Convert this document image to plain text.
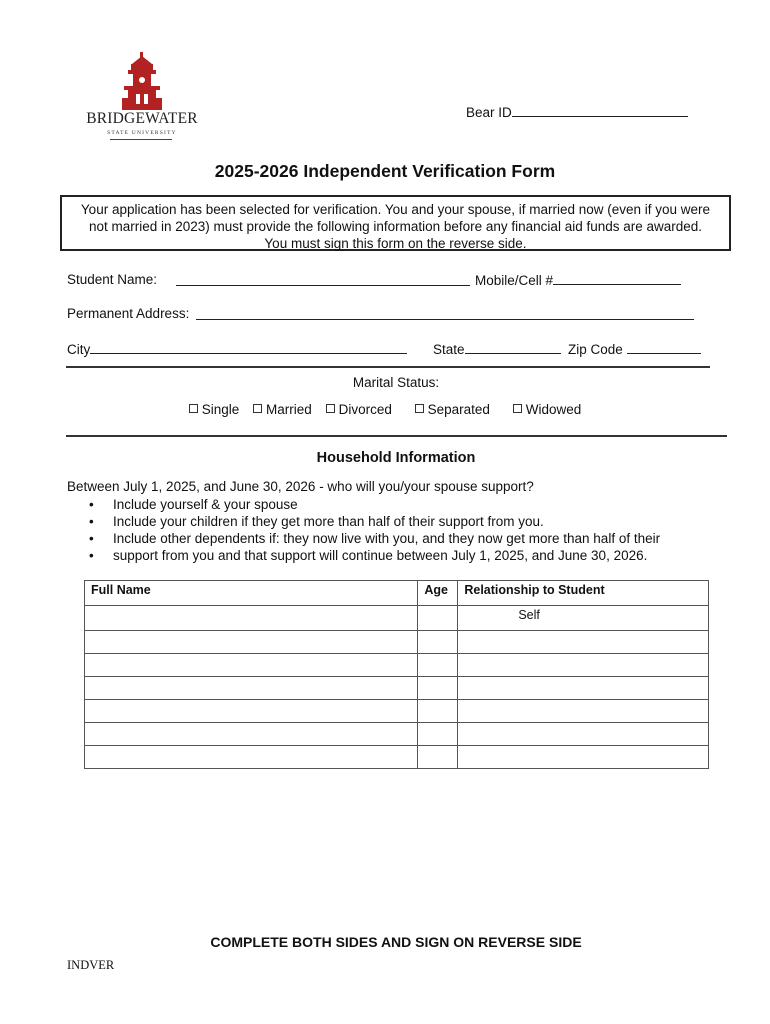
BRIDGEWATER
STATE UNIVERSITY
Bear ID
2025-2026 Independent Verification Form
Your application has been selected for verification. You and your spouse, if married now (even if you were
not married in 2023) must provide the following information before any financial aid funds are awarded.
You must sign this form on the reverse side.
Student Name:	Mobile/Cell #
Permanent Address:
City	State	Zip Code
Marital Status:
Single Married Divorced	Separated	Widowed
Household Information
Between July 1, 2025, and June 30, 2026 - who will you/your spouse support?
• Include yourself & your spouse
• Include your children if they get more than half of their support from you.
• Include other dependents if: they now live with you, and they now get more than half of their
• support from you and that support will continue between July 1, 2025, and June 30, 2026.
Full Name	Age	Relationship to Student
		Self

COMPLETE BOTH SIDES AND SIGN ON REVERSE SIDE
INDVER
